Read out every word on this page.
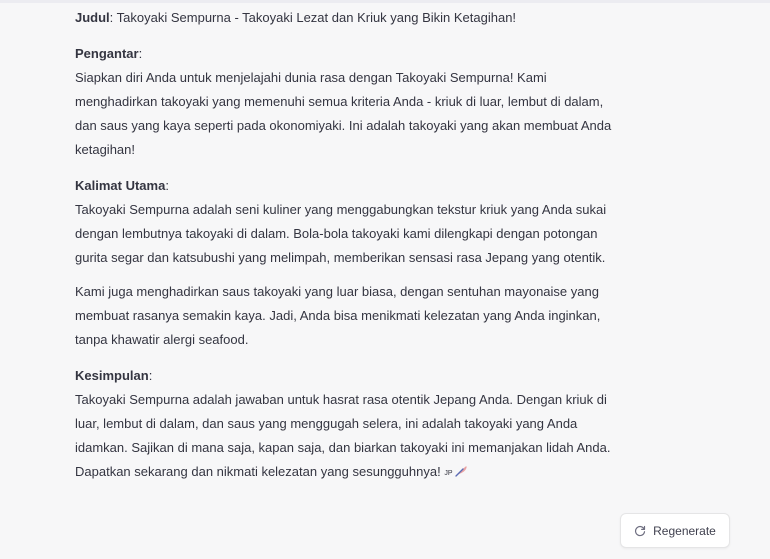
Judul: Takoyaki Sempurna - Takoyaki Lezat dan Kriuk yang Bikin Ketagihan!
Pengantar:
Siapkan diri Anda untuk menjelajahi dunia rasa dengan Takoyaki Sempurna! Kami
menghadirkan takoyaki yang memenuhi semua kriteria Anda - kriuk di luar, lembut di dalam,
dan saus yang kaya seperti pada okonomiyaki. Ini adalah takoyaki yang akan membuat Anda
ketagihan!
Kalimat Utama:
Takoyaki Sempurna adalah seni kuliner yang menggabungkan tekstur kriuk yang Anda sukai
dengan lembutnya takoyaki di dalam. Bola-bola takoyaki kami dilengkapi dengan potongan
gurita segar dan katsubushi yang melimpah, memberikan sensasi rasa Jepang yang otentik.
Kami juga menghadirkan saus takoyaki yang luar biasa, dengan sentuhan mayonaise yang
membuat rasanya semakin kaya. Jadi, Anda bisa menikmati kelezatan yang Anda inginkan,
tanpa khawatir alergi seafood.
Kesimpulan:
Takoyaki Sempurna adalah jawaban untuk hasrat rasa otentik Jepang Anda. Dengan kriuk di
luar, lembut di dalam, dan saus yang menggugah selera, ini adalah takoyaki yang Anda
idamkan. Sajikan di mana saja, kapan saja, dan biarkan takoyaki ini memanjakan lidah Anda.
Dapatkan sekarang dan nikmati kelezatan yang sesungguhnya! JP
Regenerate
